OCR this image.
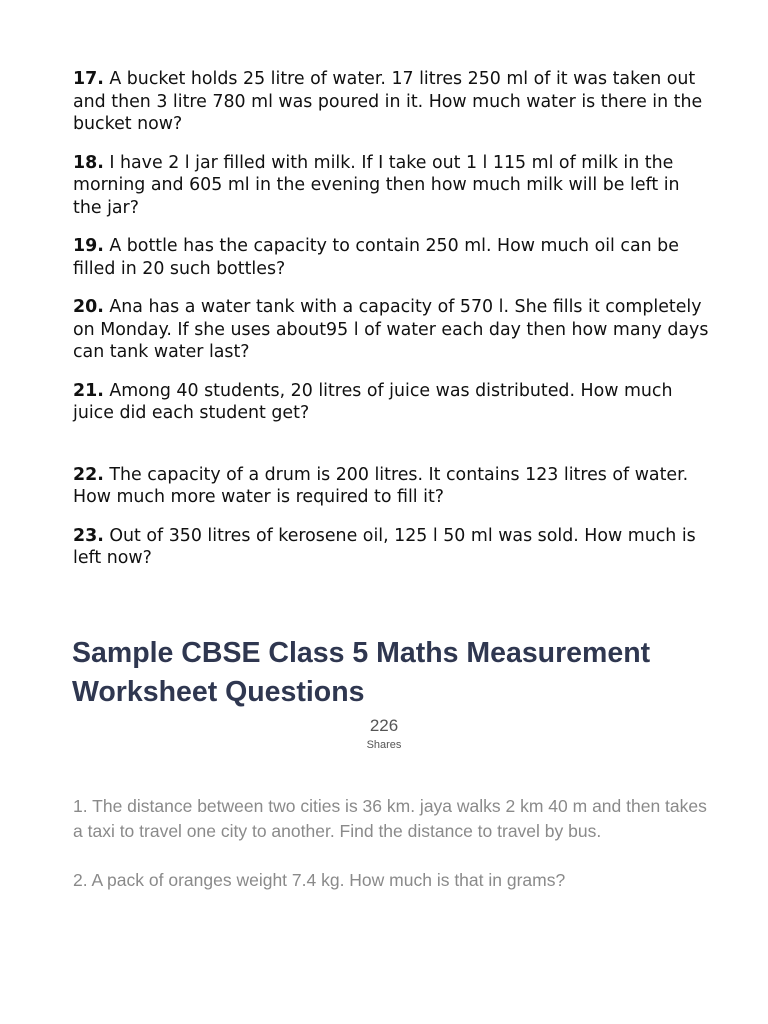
17. A bucket holds 25 litre of water. 17 litres 250 ml of it was taken out and then 3 litre 780 ml was poured in it. How much water is there in the bucket now?

18. I have 2 l jar filled with milk. If I take out 1 l 115 ml of milk in the morning and 605 ml in the evening then how much milk will be left in the jar?

19. A bottle has the capacity to contain 250 ml. How much oil can be filled in 20 such bottles?

20. Ana has a water tank with a capacity of 570 l. She fills it completely on Monday. If she uses about95 l of water each day then how many days can tank water last?

21. Among 40 students, 20 litres of juice was distributed. How much juice did each student get?

22. The capacity of a drum is 200 litres. It contains 123 litres of water. How much more water is required to fill it?

23. Out of 350 litres of kerosene oil, 125 l 50 ml was sold. How much is left now?

Sample CBSE Class 5 Maths Measurement Worksheet Questions
226
Shares

1. The distance between two cities is 36 km. jaya walks 2 km 40 m and then takes a taxi to travel one city to another. Find the distance to travel by bus.

2. A pack of oranges weight 7.4 kg. How much is that in grams?
